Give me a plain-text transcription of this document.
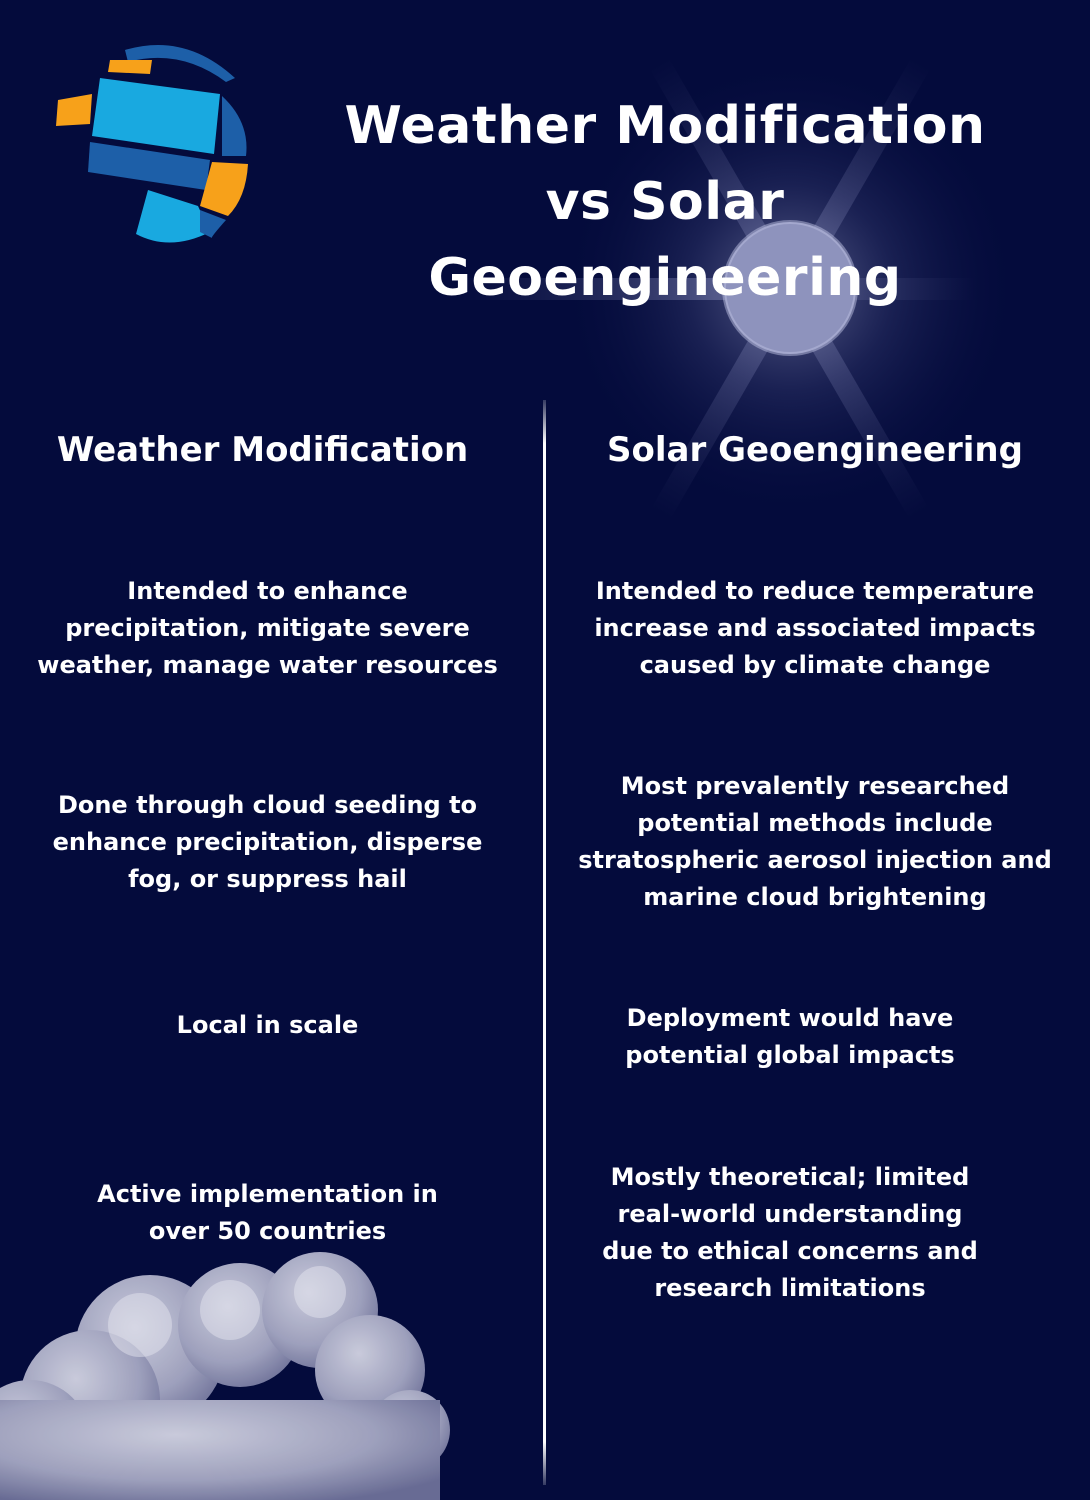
Weather Modification
vs Solar Geoengineering
Weather Modification	Solar Geoengineering
Intended to enhance
precipitation, mitigate severe
weather, manage water resources
Done through cloud seeding to
enhance precipitation, disperse
fog, or suppress hail
Local in scale
Active implementation in
over 50 countries
Intended to reduce temperature
increase and associated impacts
caused by climate change
Most prevalently researched
potential methods include
stratospheric aerosol injection and
marine cloud brightening
Deployment would have
potential global impacts
Mostly theoretical; limited
real-world understanding
due to ethical concerns and
research limitations
